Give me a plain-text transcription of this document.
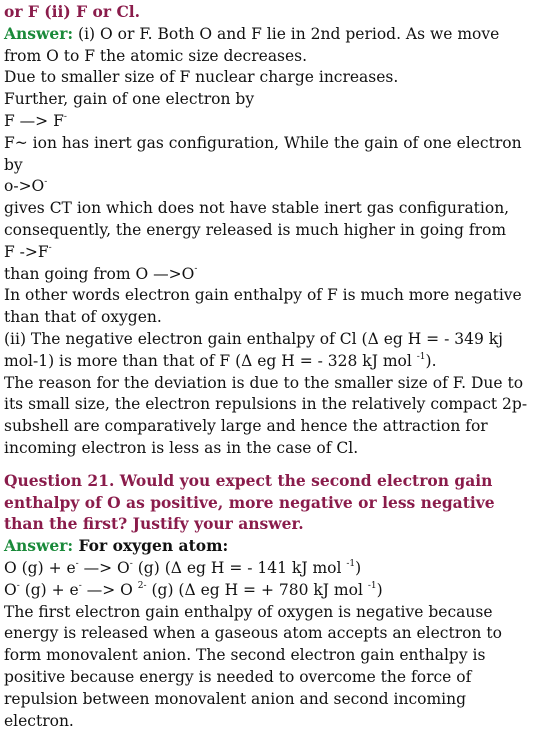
or F (ii) F or Cl.
Answer: (i) O or F. Both O and F lie in 2nd period. As we move
from O to F the atomic size decreases.
Due to smaller size of F nuclear charge increases.
Further, gain of one electron by
F —> F-
F~ ion has inert gas configuration, While the gain of one electron
by
o->O-
gives CT ion which does not have stable inert gas configuration,
consequently, the energy released is much higher in going from
F ->F-
than going from O —>O-
In other words electron gain enthalpy of F is much more negative
than that of oxygen.
(ii) The negative electron gain enthalpy of Cl (Δ eg H = - 349 kj
mol-1) is more than that of F (Δ eg H = - 328 kJ mol $^{-1}$).
The reason for the deviation is due to the smaller size of F. Due to
its small size, the electron repulsions in the relatively compact 2p-
subshell are comparatively large and hence the attraction for
incoming electron is less as in the case of Cl.
Question 21. Would you expect the second electron gain
enthalpy of O as positive, more negative or less negative
than the first? Justify your answer.
Answer: For oxygen atom:
O (g) + e- —> O- (g) (Δ eg H = - 141 kJ mol $^{-1}$)
O- (g) + e- —> O $^{2-}$ (g) (Δ eg H = + 780 kJ mol $^{-1}$)
The first electron gain enthalpy of oxygen is negative because
energy is released when a gaseous atom accepts an electron to
form monovalent anion. The second electron gain enthalpy is
positive because energy is needed to overcome the force of
repulsion between monovalent anion and second incoming
electron.
